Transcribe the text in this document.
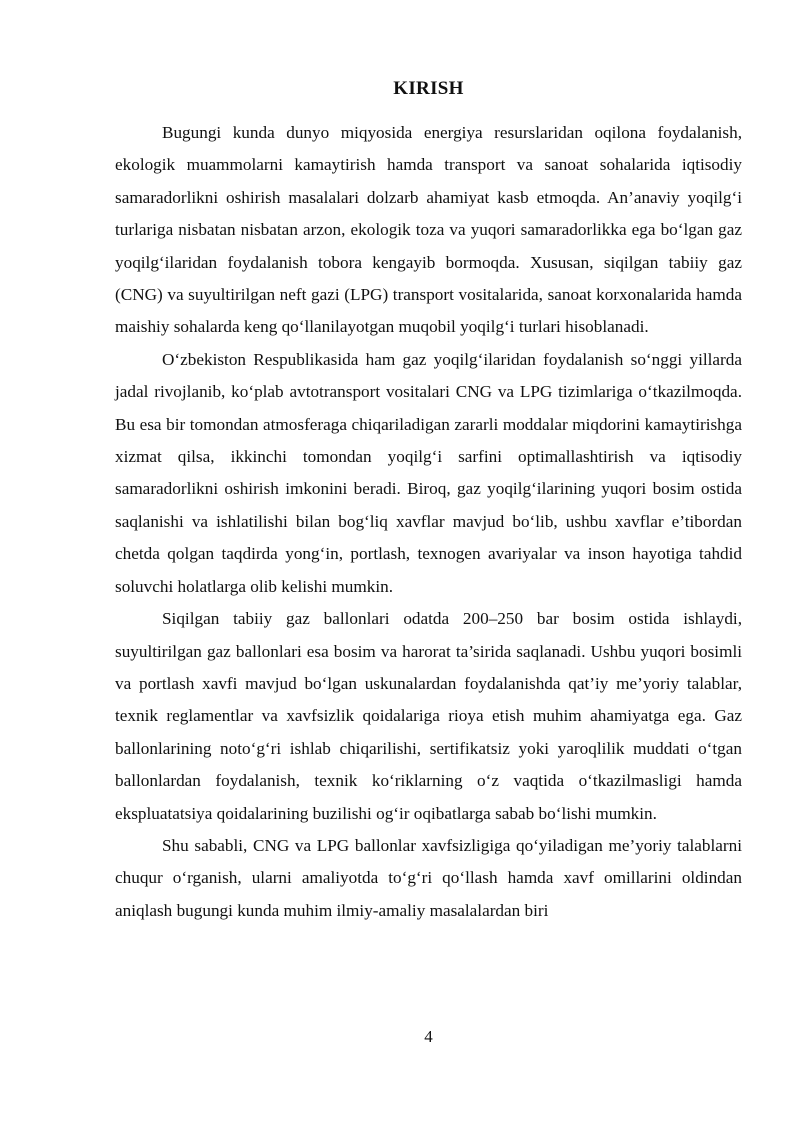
KIRISH

Bugungi kunda dunyo miqyosida energiya resurslaridan oqilona foydalanish, ekologik muammolarni kamaytirish hamda transport va sanoat sohalarida iqtisodiy samaradorlikni oshirish masalalari dolzarb ahamiyat kasb etmoqda. An’anaviy yoqilg‘i turlariga nisbatan nisbatan arzon, ekologik toza va yuqori samaradorlikka ega bo‘lgan gaz yoqilg‘ilaridan foydalanish tobora kengayib bormoqda. Xususan, siqilgan tabiiy gaz (CNG) va suyultirilgan neft gazi (LPG) transport vositalarida, sanoat korxonalarida hamda maishiy sohalarda keng qo‘llanilayotgan muqobil yoqilg‘i turlari hisoblanadi.

O‘zbekiston Respublikasida ham gaz yoqilg‘ilaridan foydalanish so‘nggi yillarda jadal rivojlanib, ko‘plab avtotransport vositalari CNG va LPG tizimlariga o‘tkazilmoqda. Bu esa bir tomondan atmosferaga chiqariladigan zararli moddalar miqdorini kamaytirishga xizmat qilsa, ikkinchi tomondan yoqilg‘i sarfini optimallashtirish va iqtisodiy samaradorlikni oshirish imkonini beradi. Biroq, gaz yoqilg‘ilarining yuqori bosim ostida saqlanishi va ishlatilishi bilan bog‘liq xavflar mavjud bo‘lib, ushbu xavflar e’tibordan chetda qolgan taqdirda yong‘in, portlash, texnogen avariyalar va inson hayotiga tahdid soluvchi holatlarga olib kelishi mumkin.

Siqilgan tabiiy gaz ballonlari odatda 200–250 bar bosim ostida ishlaydi, suyultirilgan gaz ballonlari esa bosim va harorat ta’sirida saqlanadi. Ushbu yuqori bosimli va portlash xavfi mavjud bo‘lgan uskunalardan foydalanishda qat’iy me’yoriy talablar, texnik reglamentlar va xavfsizlik qoidalariga rioya etish muhim ahamiyatga ega. Gaz ballonlarining noto‘g‘ri ishlab chiqarilishi, sertifikatsiz yoki yaroqlilik muddati o‘tgan ballonlardan foydalanish, texnik ko‘riklarning o‘z vaqtida o‘tkazilmasligi hamda ekspluatatsiya qoidalarining buzilishi og‘ir oqibatlarga sabab bo‘lishi mumkin.

Shu sababli, CNG va LPG ballonlar xavfsizligiga qo‘yiladigan me’yoriy talablarni chuqur o‘rganish, ularni amaliyotda to‘g‘ri qo‘llash hamda xavf omillarini oldindan aniqlash bugungi kunda muhim ilmiy-amaliy masalalardan biri

4
